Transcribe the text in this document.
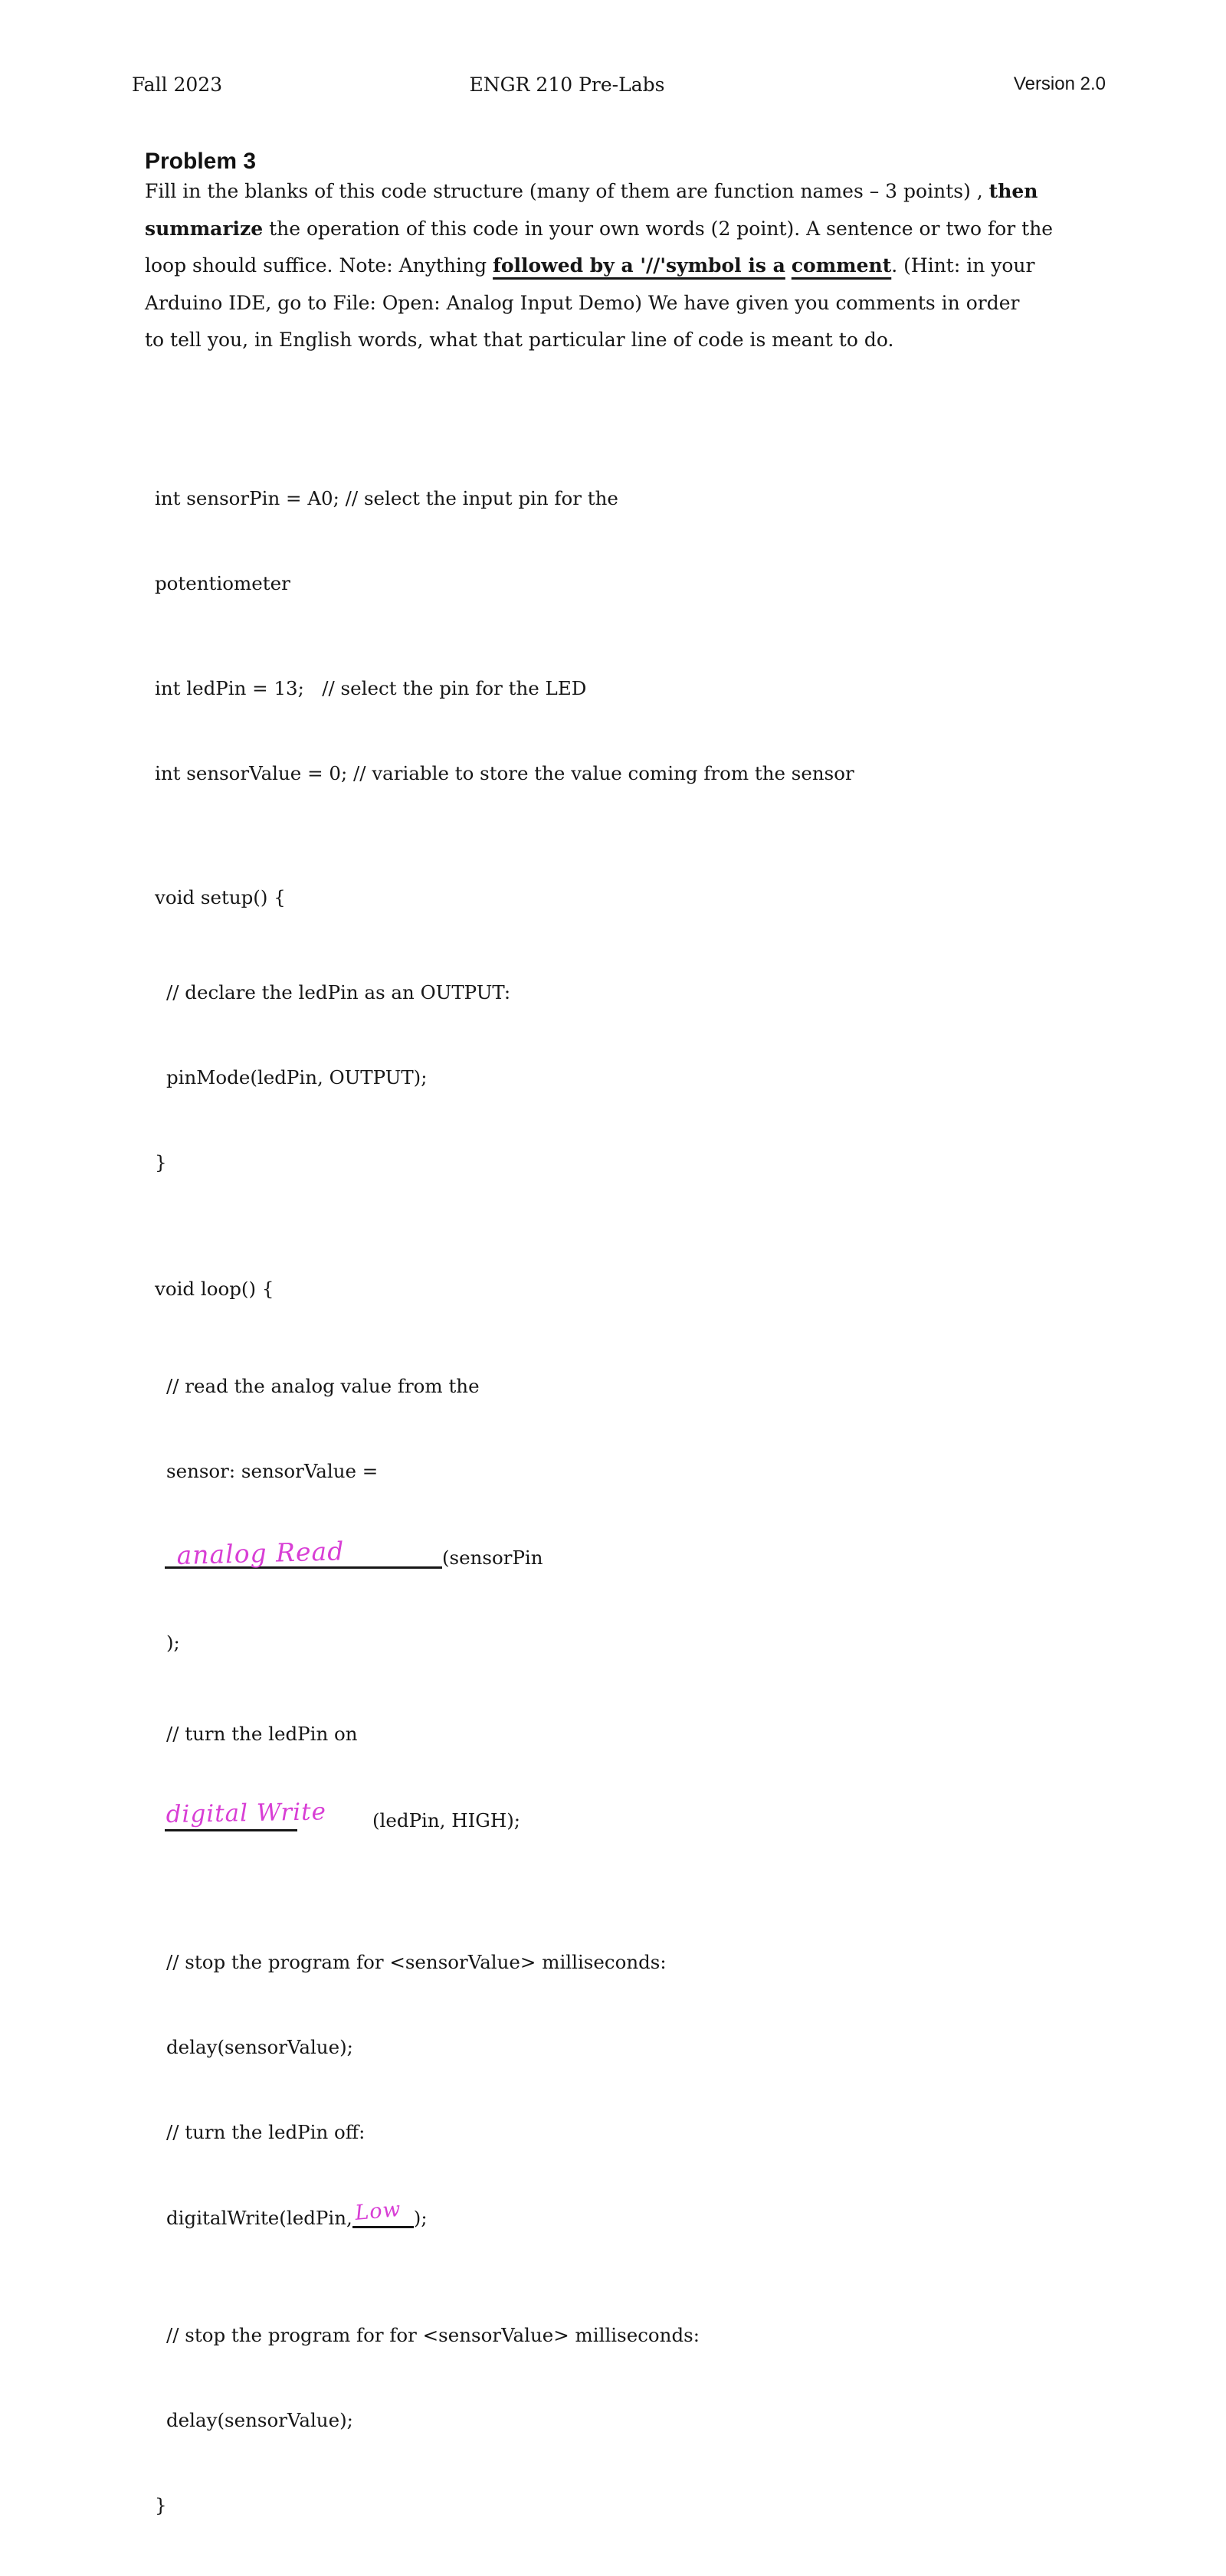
Fall 2023	ENGR 210 Pre-Labs	Version 2.0
Problem 3
Fill in the blanks of this code structure (many of them are function names – 3 points) , then
summarize the operation of this code in your own words (2 point). A sentence or two for the
loop should suffice. Note: Anything followed by a '//'symbol is a comment. (Hint: in your
Arduino IDE, go to File: Open: Analog Input Demo) We have given you comments in order
to tell you, in English words, what that particular line of code is meant to do.

int sensorPin = A0; // select the input pin for the

potentiometer

int ledPin = 13;   // select the pin for the LED

int sensorValue = 0; // variable to store the value coming from the sensor

void setup() {

// declare the ledPin as an OUTPUT:

pinMode(ledPin, OUTPUT);

}

void loop() {

// read the analog value from the

sensor: sensorValue =

analog Read	(sensorPin

);

// turn the ledPin on

digital Write (ledPin, HIGH);

// stop the program for <sensorValue> milliseconds:

delay(sensorValue);

// turn the ledPin off:

digitalWrite(ledPin, Low );

// stop the program for for <sensorValue> milliseconds:

delay(sensorValue);

}
